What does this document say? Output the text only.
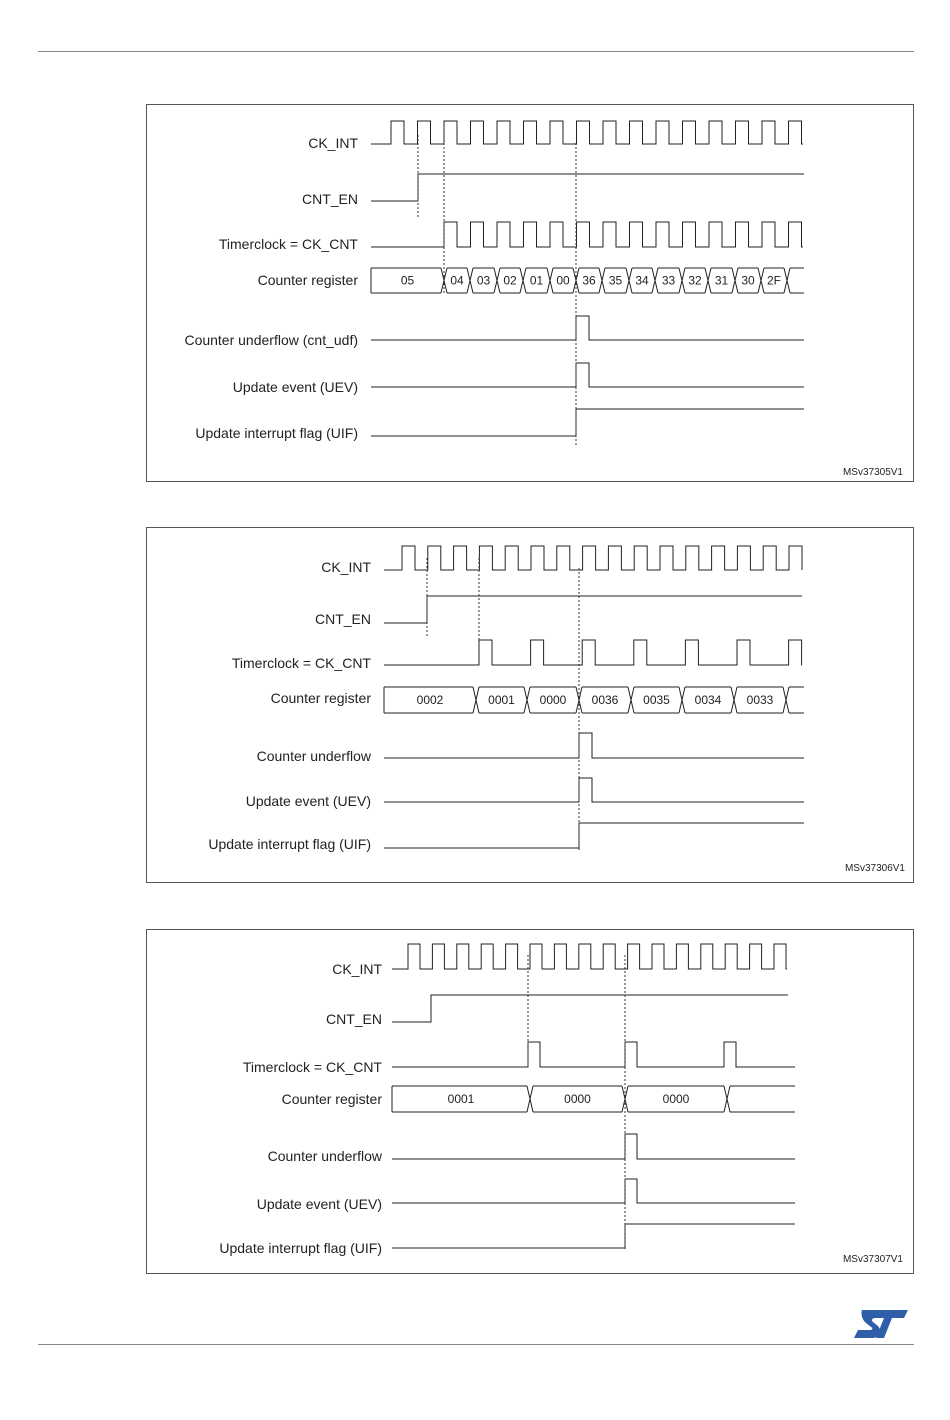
05	04 03 02 01 00 36 35 34 33 32 31 30 2F
CK_INT
CNT_EN
Timerclock = CK_CNT
Counter register
Counter underflow (cnt_udf)
Update event (UEV)
Update interrupt flag (UIF)
MSv37305V1
0002	0001 0000 0036 0035 0034 0033
CK_INT
CNT_EN
Timerclock = CK_CNT
Counter register
Counter underflow
Update event (UEV)
Update interrupt flag (UIF)
MSv37306V1
0001	0000	0000
CK_INT
CNT_EN
Timerclock = CK_CNT
Counter register
Counter underflow
Update event (UEV)
Update interrupt flag (UIF)
MSv37307V1
